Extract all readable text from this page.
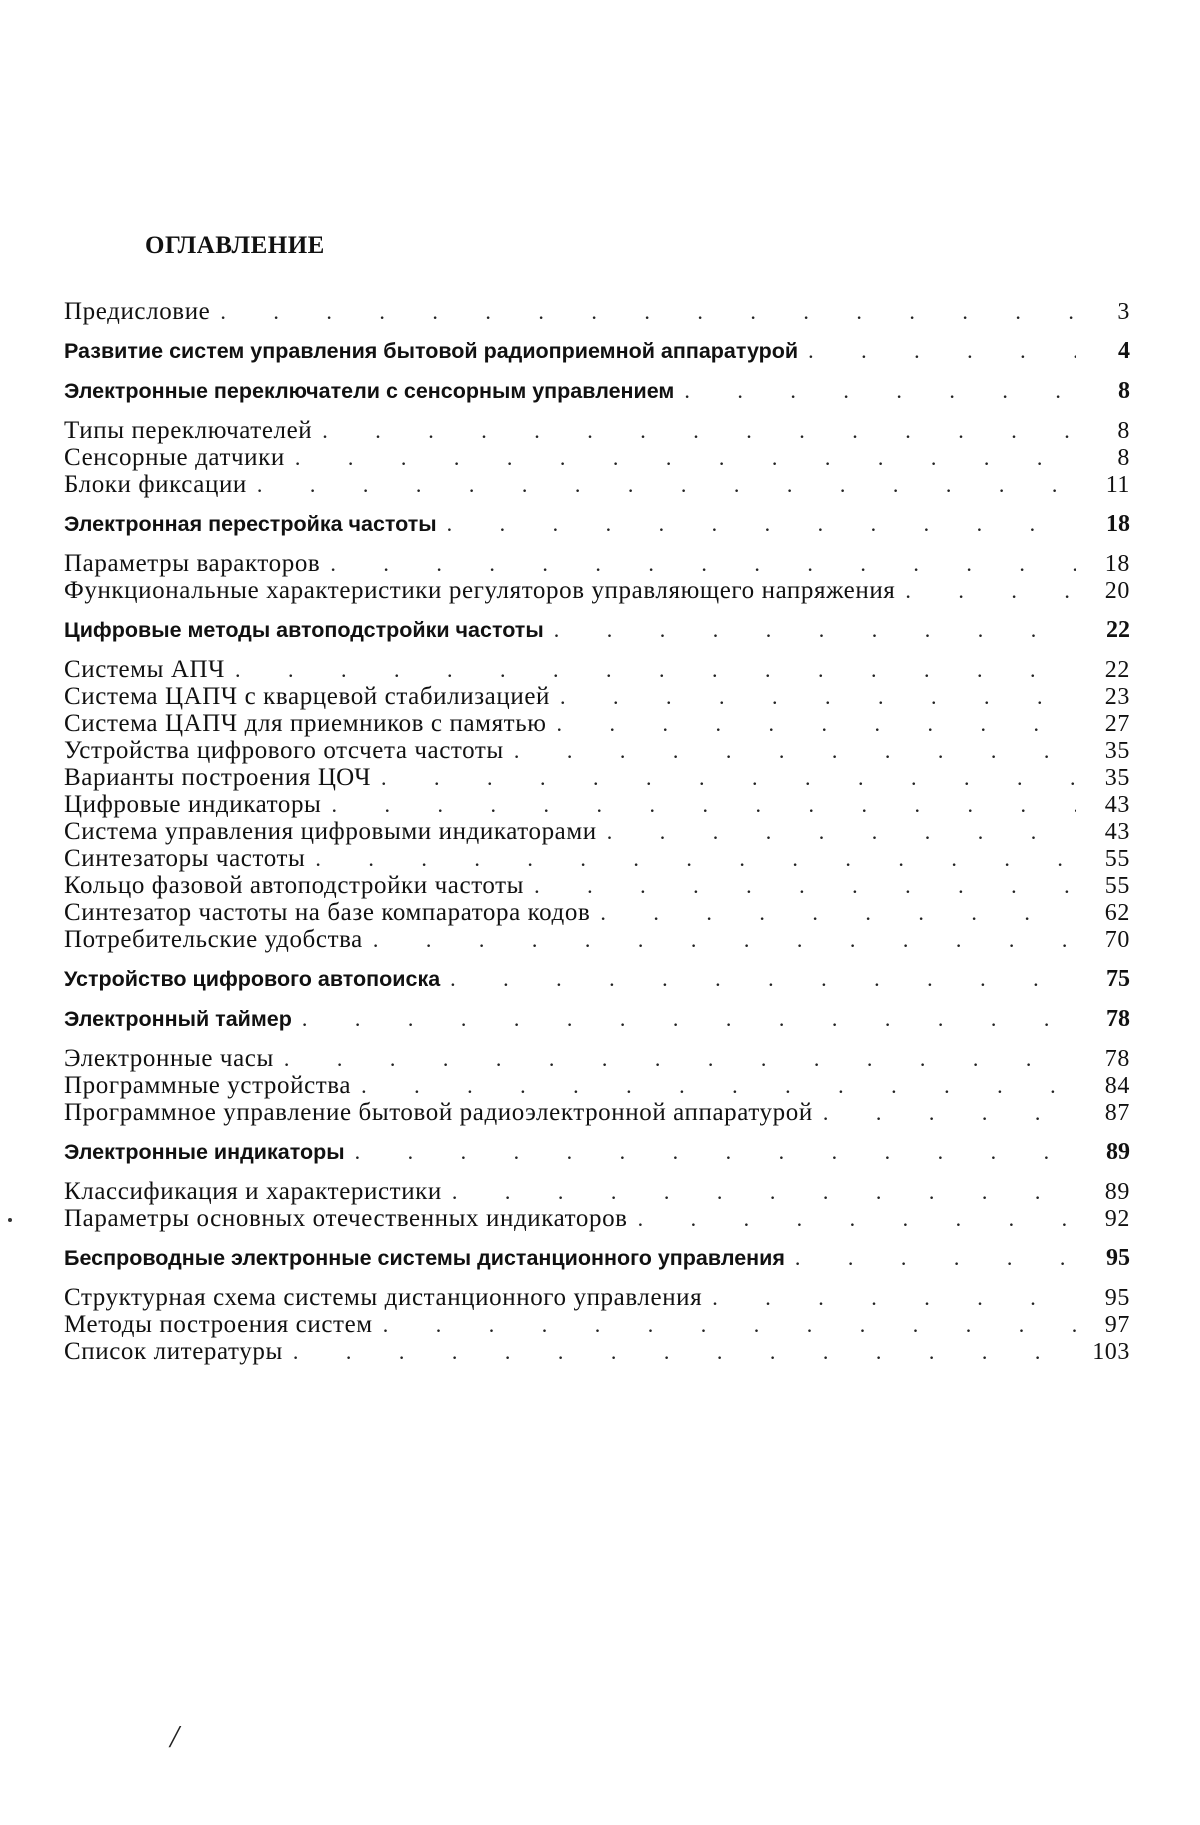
ОГЛАВЛЕНИЕ
Предисловие . . .	3
Развитие систем управления бытовой радиоприемной аппаратурой . . .	4
Электронные переключатели с сенсорным управлением . . .	8
Типы переключателей . . .	8
Сенсорные датчики . . .	8
Блоки фиксации . . .	11
Электронная перестройка частоты . . .	18
Параметры варакторов . . .	18
Функциональные характеристики регуляторов управляющего напряжения . . .	20
Цифровые методы автоподстройки частоты . . .	22
Системы АПЧ . . .	22
Система ЦАПЧ с кварцевой стабилизацией . . .	23
Система ЦАПЧ для приемников с памятью . . .	27
Устройства цифрового отсчета частоты . . .	35
Варианты построения ЦОЧ . . .	35
Цифровые индикаторы . . .	43
Система управления цифровыми индикаторами . . .	43
Синтезаторы частоты . . .	55
Кольцо фазовой автоподстройки частоты . . .	55
Синтезатор частоты на базе компаратора кодов . . .	62
Потребительские удобства . . .	70
Устройство цифрового автопоиска . . .	75
Электронный таймер . . .	78
Электронные часы . . .	78
Программные устройства . . .	84
Программное управление бытовой радиоэлектронной аппаратурой . . .	87
Электронные индикаторы . . .	89
Классификация и характеристики . . .	89
Параметры основных отечественных индикаторов . . .	92
Беспроводные электронные системы дистанционного управления . . .	95
Структурная схема системы дистанционного управления . . .	95
Методы построения систем . . .	97
Список литературы . . .	103
/
